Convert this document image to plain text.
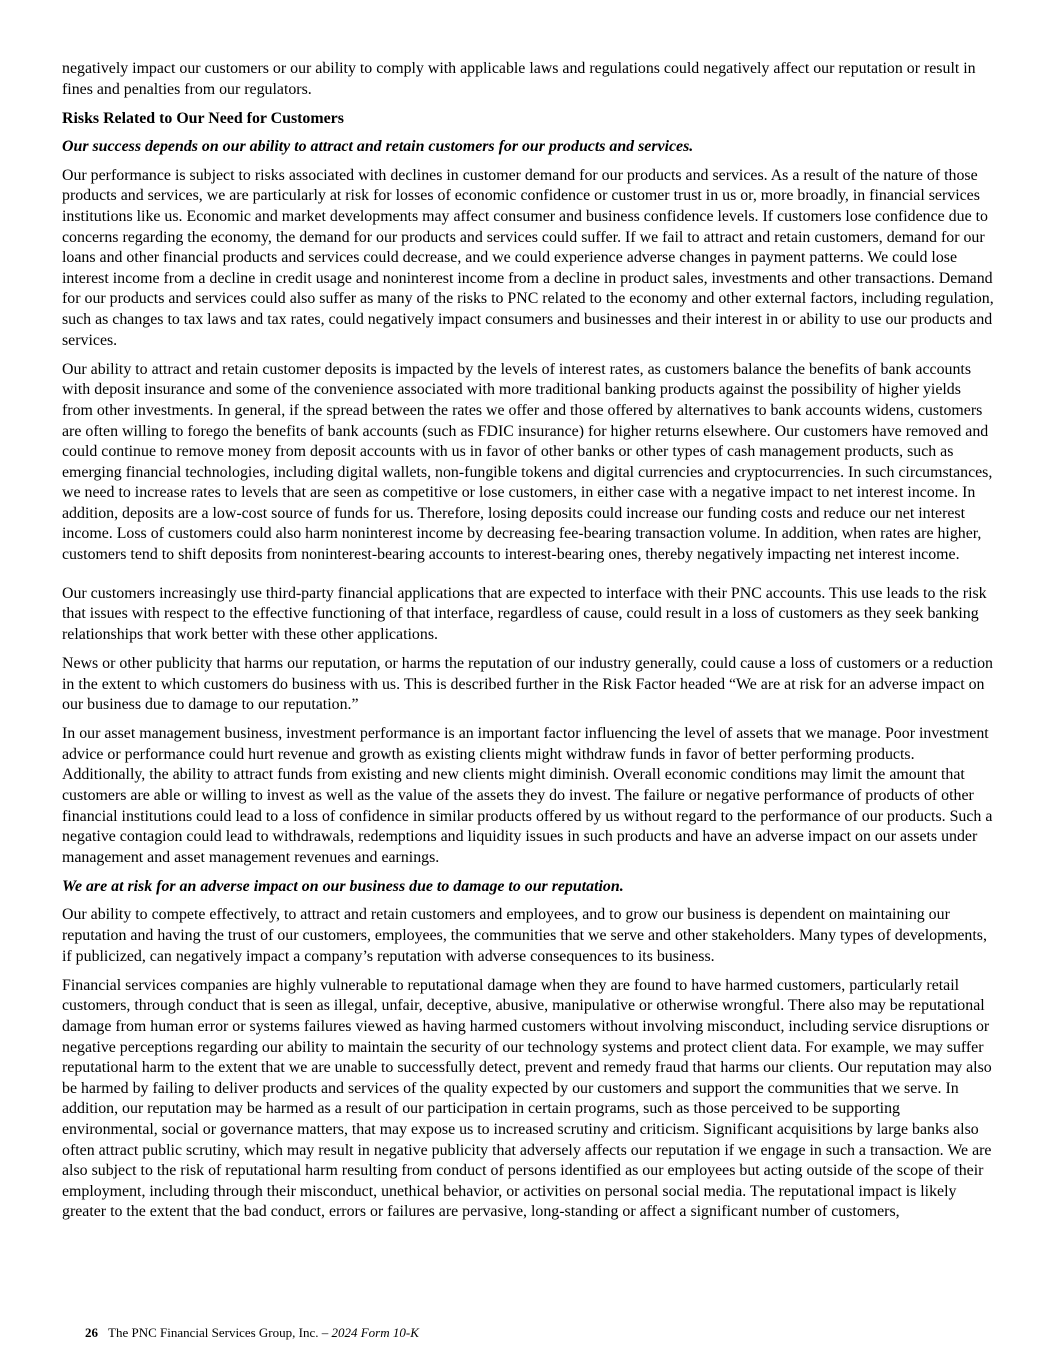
negatively impact our customers or our ability to comply with applicable laws and regulations could negatively affect our reputation or result in fines and penalties from our regulators.

Risks Related to Our Need for Customers

Our success depends on our ability to attract and retain customers for our products and services.

Our performance is subject to risks associated with declines in customer demand for our products and services. As a result of the nature of those products and services, we are particularly at risk for losses of economic confidence or customer trust in us or, more broadly, in financial services institutions like us. Economic and market developments may affect consumer and business confidence levels. If customers lose confidence due to concerns regarding the economy, the demand for our products and services could suffer. If we fail to attract and retain customers, demand for our loans and other financial products and services could decrease, and we could experience adverse changes in payment patterns. We could lose interest income from a decline in credit usage and noninterest income from a decline in product sales, investments and other transactions. Demand for our products and services could also suffer as many of the risks to PNC related to the economy and other external factors, including regulation, such as changes to tax laws and tax rates, could negatively impact consumers and businesses and their interest in or ability to use our products and services.

Our ability to attract and retain customer deposits is impacted by the levels of interest rates, as customers balance the benefits of bank accounts with deposit insurance and some of the convenience associated with more traditional banking products against the possibility of higher yields from other investments. In general, if the spread between the rates we offer and those offered by alternatives to bank accounts widens, customers are often willing to forego the benefits of bank accounts (such as FDIC insurance) for higher returns elsewhere. Our customers have removed and could continue to remove money from deposit accounts with us in favor of other banks or other types of cash management products, such as emerging financial technologies, including digital wallets, non-fungible tokens and digital currencies and cryptocurrencies. In such circumstances, we need to increase rates to levels that are seen as competitive or lose customers, in either case with a negative impact to net interest income. In addition, deposits are a low-cost source of funds for us. Therefore, losing deposits could increase our funding costs and reduce our net interest income. Loss of customers could also harm noninterest income by decreasing fee-bearing transaction volume. In addition, when rates are higher, customers tend to shift deposits from noninterest-bearing accounts to interest-bearing ones, thereby negatively impacting net interest income.

Our customers increasingly use third-party financial applications that are expected to interface with their PNC accounts. This use leads to the risk that issues with respect to the effective functioning of that interface, regardless of cause, could result in a loss of customers as they seek banking relationships that work better with these other applications.

News or other publicity that harms our reputation, or harms the reputation of our industry generally, could cause a loss of customers or a reduction in the extent to which customers do business with us. This is described further in the Risk Factor headed “We are at risk for an adverse impact on our business due to damage to our reputation.”

In our asset management business, investment performance is an important factor influencing the level of assets that we manage. Poor investment advice or performance could hurt revenue and growth as existing clients might withdraw funds in favor of better performing products. Additionally, the ability to attract funds from existing and new clients might diminish. Overall economic conditions may limit the amount that customers are able or willing to invest as well as the value of the assets they do invest. The failure or negative performance of products of other financial institutions could lead to a loss of confidence in similar products offered by us without regard to the performance of our products. Such a negative contagion could lead to withdrawals, redemptions and liquidity issues in such products and have an adverse impact on our assets under management and asset management revenues and earnings.

We are at risk for an adverse impact on our business due to damage to our reputation.

Our ability to compete effectively, to attract and retain customers and employees, and to grow our business is dependent on maintaining our reputation and having the trust of our customers, employees, the communities that we serve and other stakeholders. Many types of developments, if publicized, can negatively impact a company’s reputation with adverse consequences to its business.

Financial services companies are highly vulnerable to reputational damage when they are found to have harmed customers, particularly retail customers, through conduct that is seen as illegal, unfair, deceptive, abusive, manipulative or otherwise wrongful. There also may be reputational damage from human error or systems failures viewed as having harmed customers without involving misconduct, including service disruptions or negative perceptions regarding our ability to maintain the security of our technology systems and protect client data. For example, we may suffer reputational harm to the extent that we are unable to successfully detect, prevent and remedy fraud that harms our clients. Our reputation may also be harmed by failing to deliver products and services of the quality expected by our customers and support the communities that we serve. In addition, our reputation may be harmed as a result of our participation in certain programs, such as those perceived to be supporting environmental, social or governance matters, that may expose us to increased scrutiny and criticism. Significant acquisitions by large banks also often attract public scrutiny, which may result in negative publicity that adversely affects our reputation if we engage in such a transaction. We are also subject to the risk of reputational harm resulting from conduct of persons identified as our employees but acting outside of the scope of their employment, including through their misconduct, unethical behavior, or activities on personal social media. The reputational impact is likely greater to the extent that the bad conduct, errors or failures are pervasive, long-standing or affect a significant number of customers,

26 The PNC Financial Services Group, Inc. – 2024 Form 10-K
